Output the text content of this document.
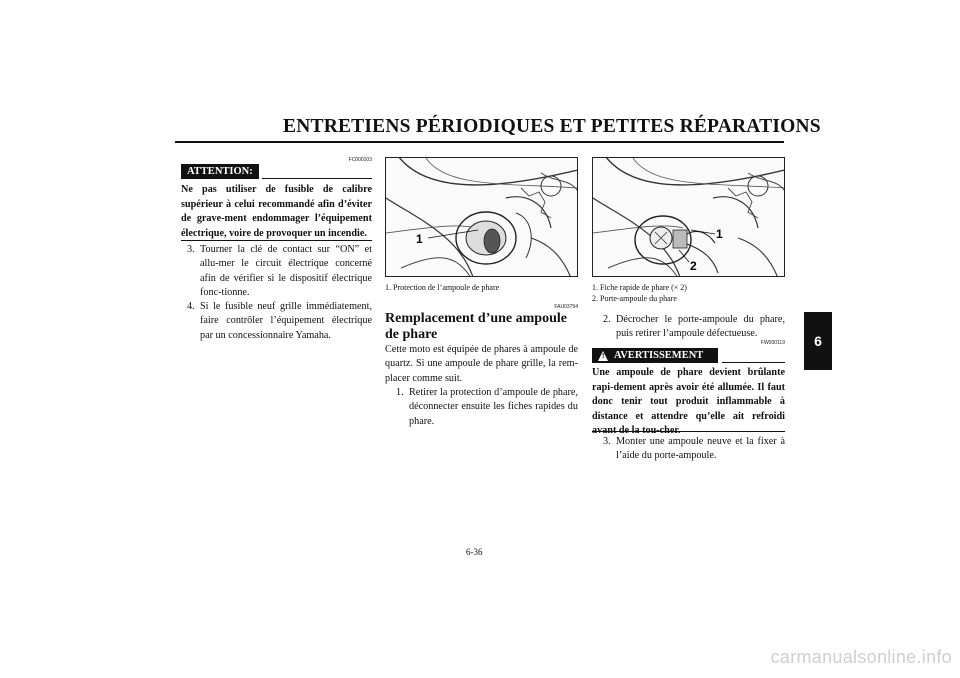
ENTRETIENS PÉRIODIQUES ET PETITES RÉPARATIONS
6
FC000103
ATTENTION:
Ne pas utiliser de fusible de calibre supérieur à celui recommandé afin d’éviter de grave-ment endommager l’équipement électrique, voire de provoquer un incendie.
3. Tourner la clé de contact sur “ON” et allu-mer le circuit électrique concerné afin de vérifier si le dispositif électrique fonc-tionne.
4. Si le fusible neuf grille immédiatement, faire contrôler l’équipement électrique par un concessionnaire Yamaha.
1
1. Protection de l’ampoule de phare
FAU03794
Remplacement d’une ampoule de phare
Cette moto est équipée de phares à ampoule de quartz. Si une ampoule de phare grille, la rem-placer comme suit.
1. Retirer la protection d’ampoule de phare, déconnecter ensuite les fiches rapides du phare.
1
2
1. Fiche rapide de phare (× 2)
2. Porte-ampoule du phare
2. Décrocher le porte-ampoule du phare, puis retirer l’ampoule défectueuse.
FW000119
! AVERTISSEMENT
Une ampoule de phare devient brûlante rapi-dement après avoir été allumée. Il faut donc tenir tout produit inflammable à distance et attendre qu’elle ait refroidi
3. Monter une ampoule neuve et la fixer à l’aide du porte-ampoule.
6-36
carmanualsonline.info
